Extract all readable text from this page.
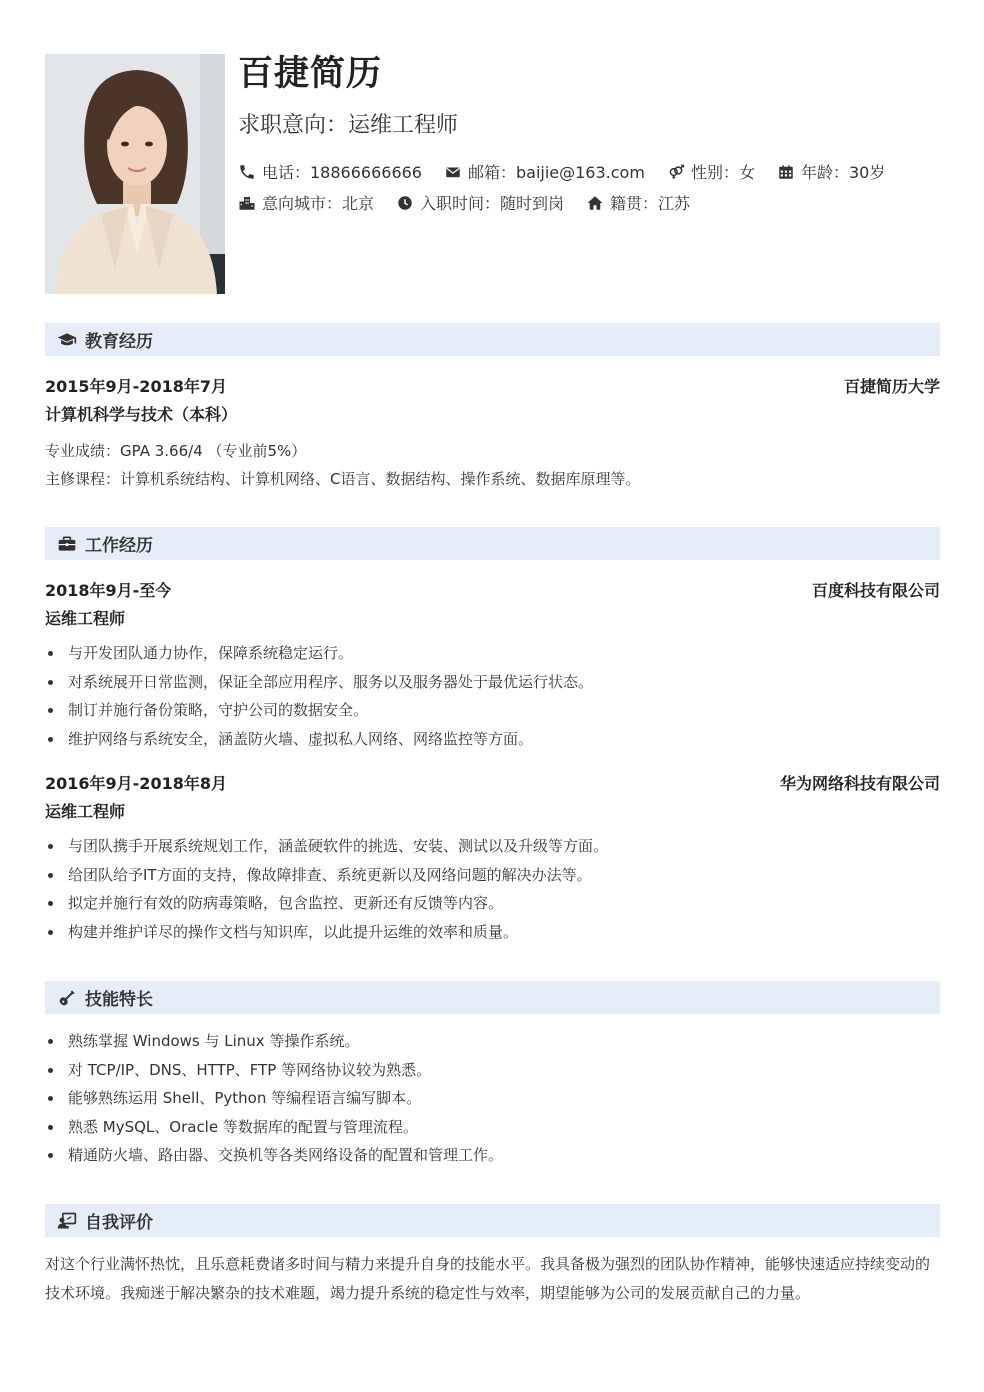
百捷简历
求职意向：运维工程师
电话：18866666666	邮箱：baijie@163.com	性别：女	年龄：30岁
意向城市：北京	入职时间：随时到岗	籍贯：江苏
教育经历
2015年9月-2018年7月	百捷简历大学
计算机科学与技术（本科）
专业成绩：GPA 3.66/4 （专业前5%）
主修课程：计算机系统结构、计算机网络、C语言、数据结构、操作系统、数据库原理等。
工作经历
2018年9月-至今	百度科技有限公司
运维工程师
与开发团队通力协作，保障系统稳定运行。
对系统展开日常监测，保证全部应用程序、服务以及服务器处于最优运行状态。
制订并施行备份策略，守护公司的数据安全。
维护网络与系统安全，涵盖防火墙、虚拟私人网络、网络监控等方面。
2016年9月-2018年8月	华为网络科技有限公司
运维工程师
与团队携手开展系统规划工作，涵盖硬软件的挑选、安装、测试以及升级等方面。
给团队给予IT方面的支持，像故障排查、系统更新以及网络问题的解决办法等。
拟定并施行有效的防病毒策略，包含监控、更新还有反馈等内容。
构建并维护详尽的操作文档与知识库，以此提升运维的效率和质量。
技能特长
熟练掌握 Windows 与 Linux 等操作系统。
对 TCP/IP、DNS、HTTP、FTP 等网络协议较为熟悉。
能够熟练运用 Shell、Python 等编程语言编写脚本。
熟悉 MySQL、Oracle 等数据库的配置与管理流程。
精通防火墙、路由器、交换机等各类网络设备的配置和管理工作。
自我评价
对这个行业满怀热忱，且乐意耗费诸多时间与精力来提升自身的技能水平。我具备极为强烈的团队协作精神，能够快速适应持续变动的技术环境。我痴迷于解决繁杂的技术难题，竭力提升系统的稳定性与效率，期望能够为公司的发展贡献自己的力量。
